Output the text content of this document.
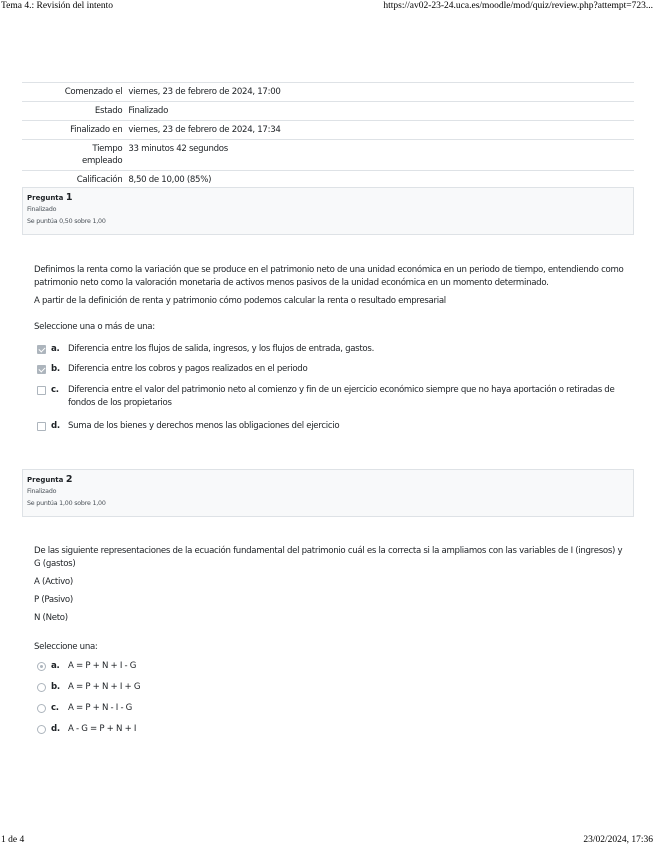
Tema 4.: Revisión del intento	https://av02-23-24.uca.es/moodle/mod/quiz/review.php?attempt=723...
Comenzado el	viernes, 23 de febrero de 2024, 17:00
Estado	Finalizado
Finalizado en	viernes, 23 de febrero de 2024, 17:34
Tiempo empleado	33 minutos 42 segundos
Calificación	8,50 de 10,00 (85%)
Pregunta 1
Finalizado
Se puntúa 0,50 sobre 1,00

Definimos la renta como la variación que se produce en el patrimonio neto de una unidad económica en un periodo de tiempo, entendiendo como patrimonio neto como la valoración monetaria de activos menos pasivos de la unidad económica en un momento determinado.

A partir de la definición de renta y patrimonio cómo podemos calcular la renta o resultado empresarial

Seleccione una o más de una:
a. Diferencia entre los flujos de salida, ingresos, y los flujos de entrada, gastos.
b. Diferencia entre los cobros y pagos realizados en el periodo
c.	Diferencia entre el valor del patrimonio neto al comienzo y fin de un ejercicio económico siempre que no haya aportación o retiradas de fondos de los propietarios
d. Suma de los bienes y derechos menos las obligaciones del ejercicio
Pregunta 2
Finalizado
Se puntúa 1,00 sobre 1,00

De las siguiente representaciones de la ecuación fundamental del patrimonio cuál es la correcta si la ampliamos con las variables de I (ingresos) y G (gastos)

A (Activo)

P (Pasivo)

N (Neto)

Seleccione una:
a. A = P + N + I - G
b. A = P + N + I + G
c.	A = P + N - I - G
d. A - G = P + N + I
1 de 4	23/02/2024, 17:36
